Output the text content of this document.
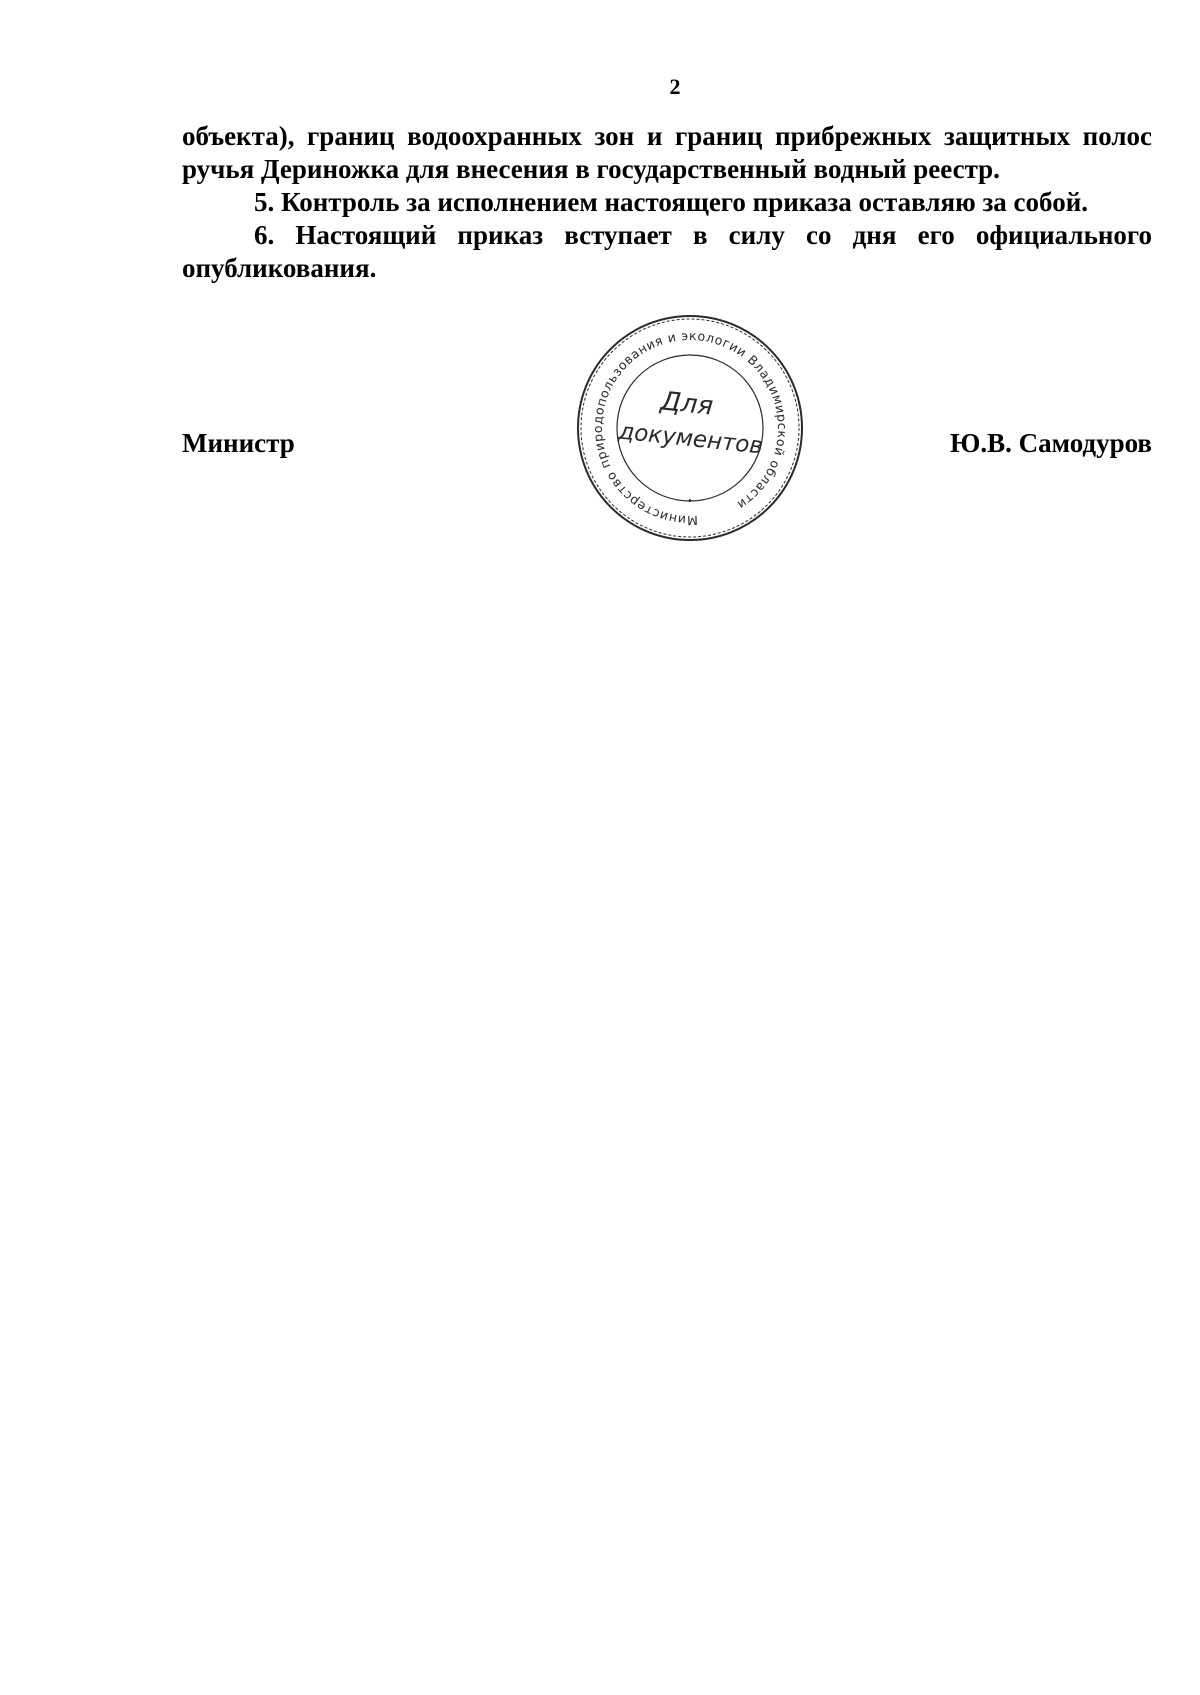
2

объекта), границ водоохранных зон и границ прибрежных защитных полос ручья Дериножка для внесения в государственный водный реестр.

5. Контроль за исполнением настоящего приказа оставляю за собой.

6. Настоящий приказ вступает в силу со дня его официального опубликования.

Министр	Ю.В. Самодуров
Министерство природопользования и экологии Владимирской области
Для
документов
•
